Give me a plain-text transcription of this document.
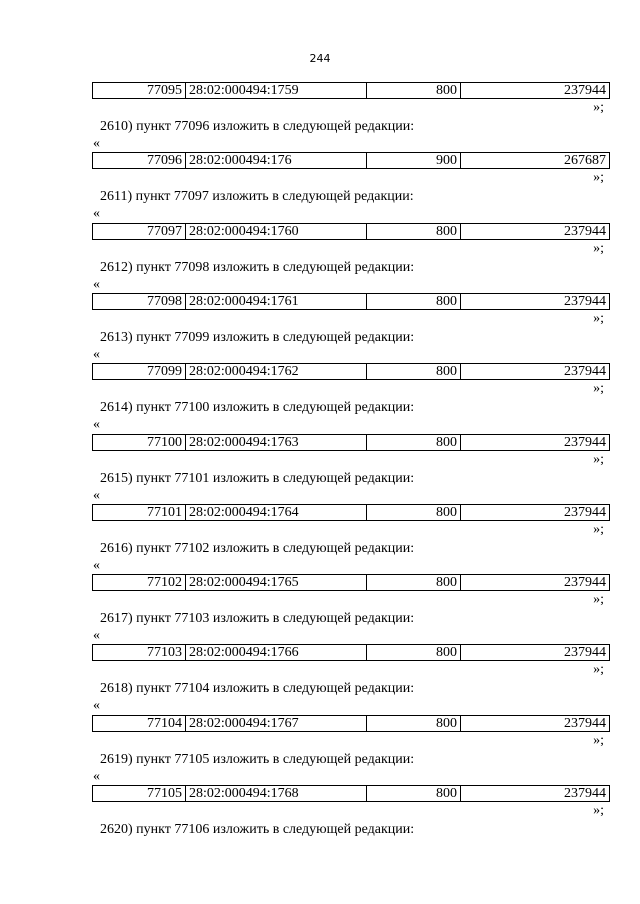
244
77095 28:02:000494:1759	800	237944
»;
2610) пункт 77096 изложить в следующей редакции:
«
77096 28:02:000494:176	900	267687
»;
2611) пункт 77097 изложить в следующей редакции:
«
77097 28:02:000494:1760	800	237944
»;
2612) пункт 77098 изложить в следующей редакции:
«
77098 28:02:000494:1761	800	237944
»;
2613) пункт 77099 изложить в следующей редакции:
«
77099 28:02:000494:1762	800	237944
»;
2614) пункт 77100 изложить в следующей редакции:
«
77100 28:02:000494:1763	800	237944
»;
2615) пункт 77101 изложить в следующей редакции:
«
77101 28:02:000494:1764	800	237944
»;
2616) пункт 77102 изложить в следующей редакции:
«
77102 28:02:000494:1765	800	237944
»;
2617) пункт 77103 изложить в следующей редакции:
«
77103 28:02:000494:1766	800	237944
»;
2618) пункт 77104 изложить в следующей редакции:
«
77104 28:02:000494:1767	800	237944
»;
2619) пункт 77105 изложить в следующей редакции:
«
77105 28:02:000494:1768	800	237944
»;
2620) пункт 77106 изложить в следующей редакции:
